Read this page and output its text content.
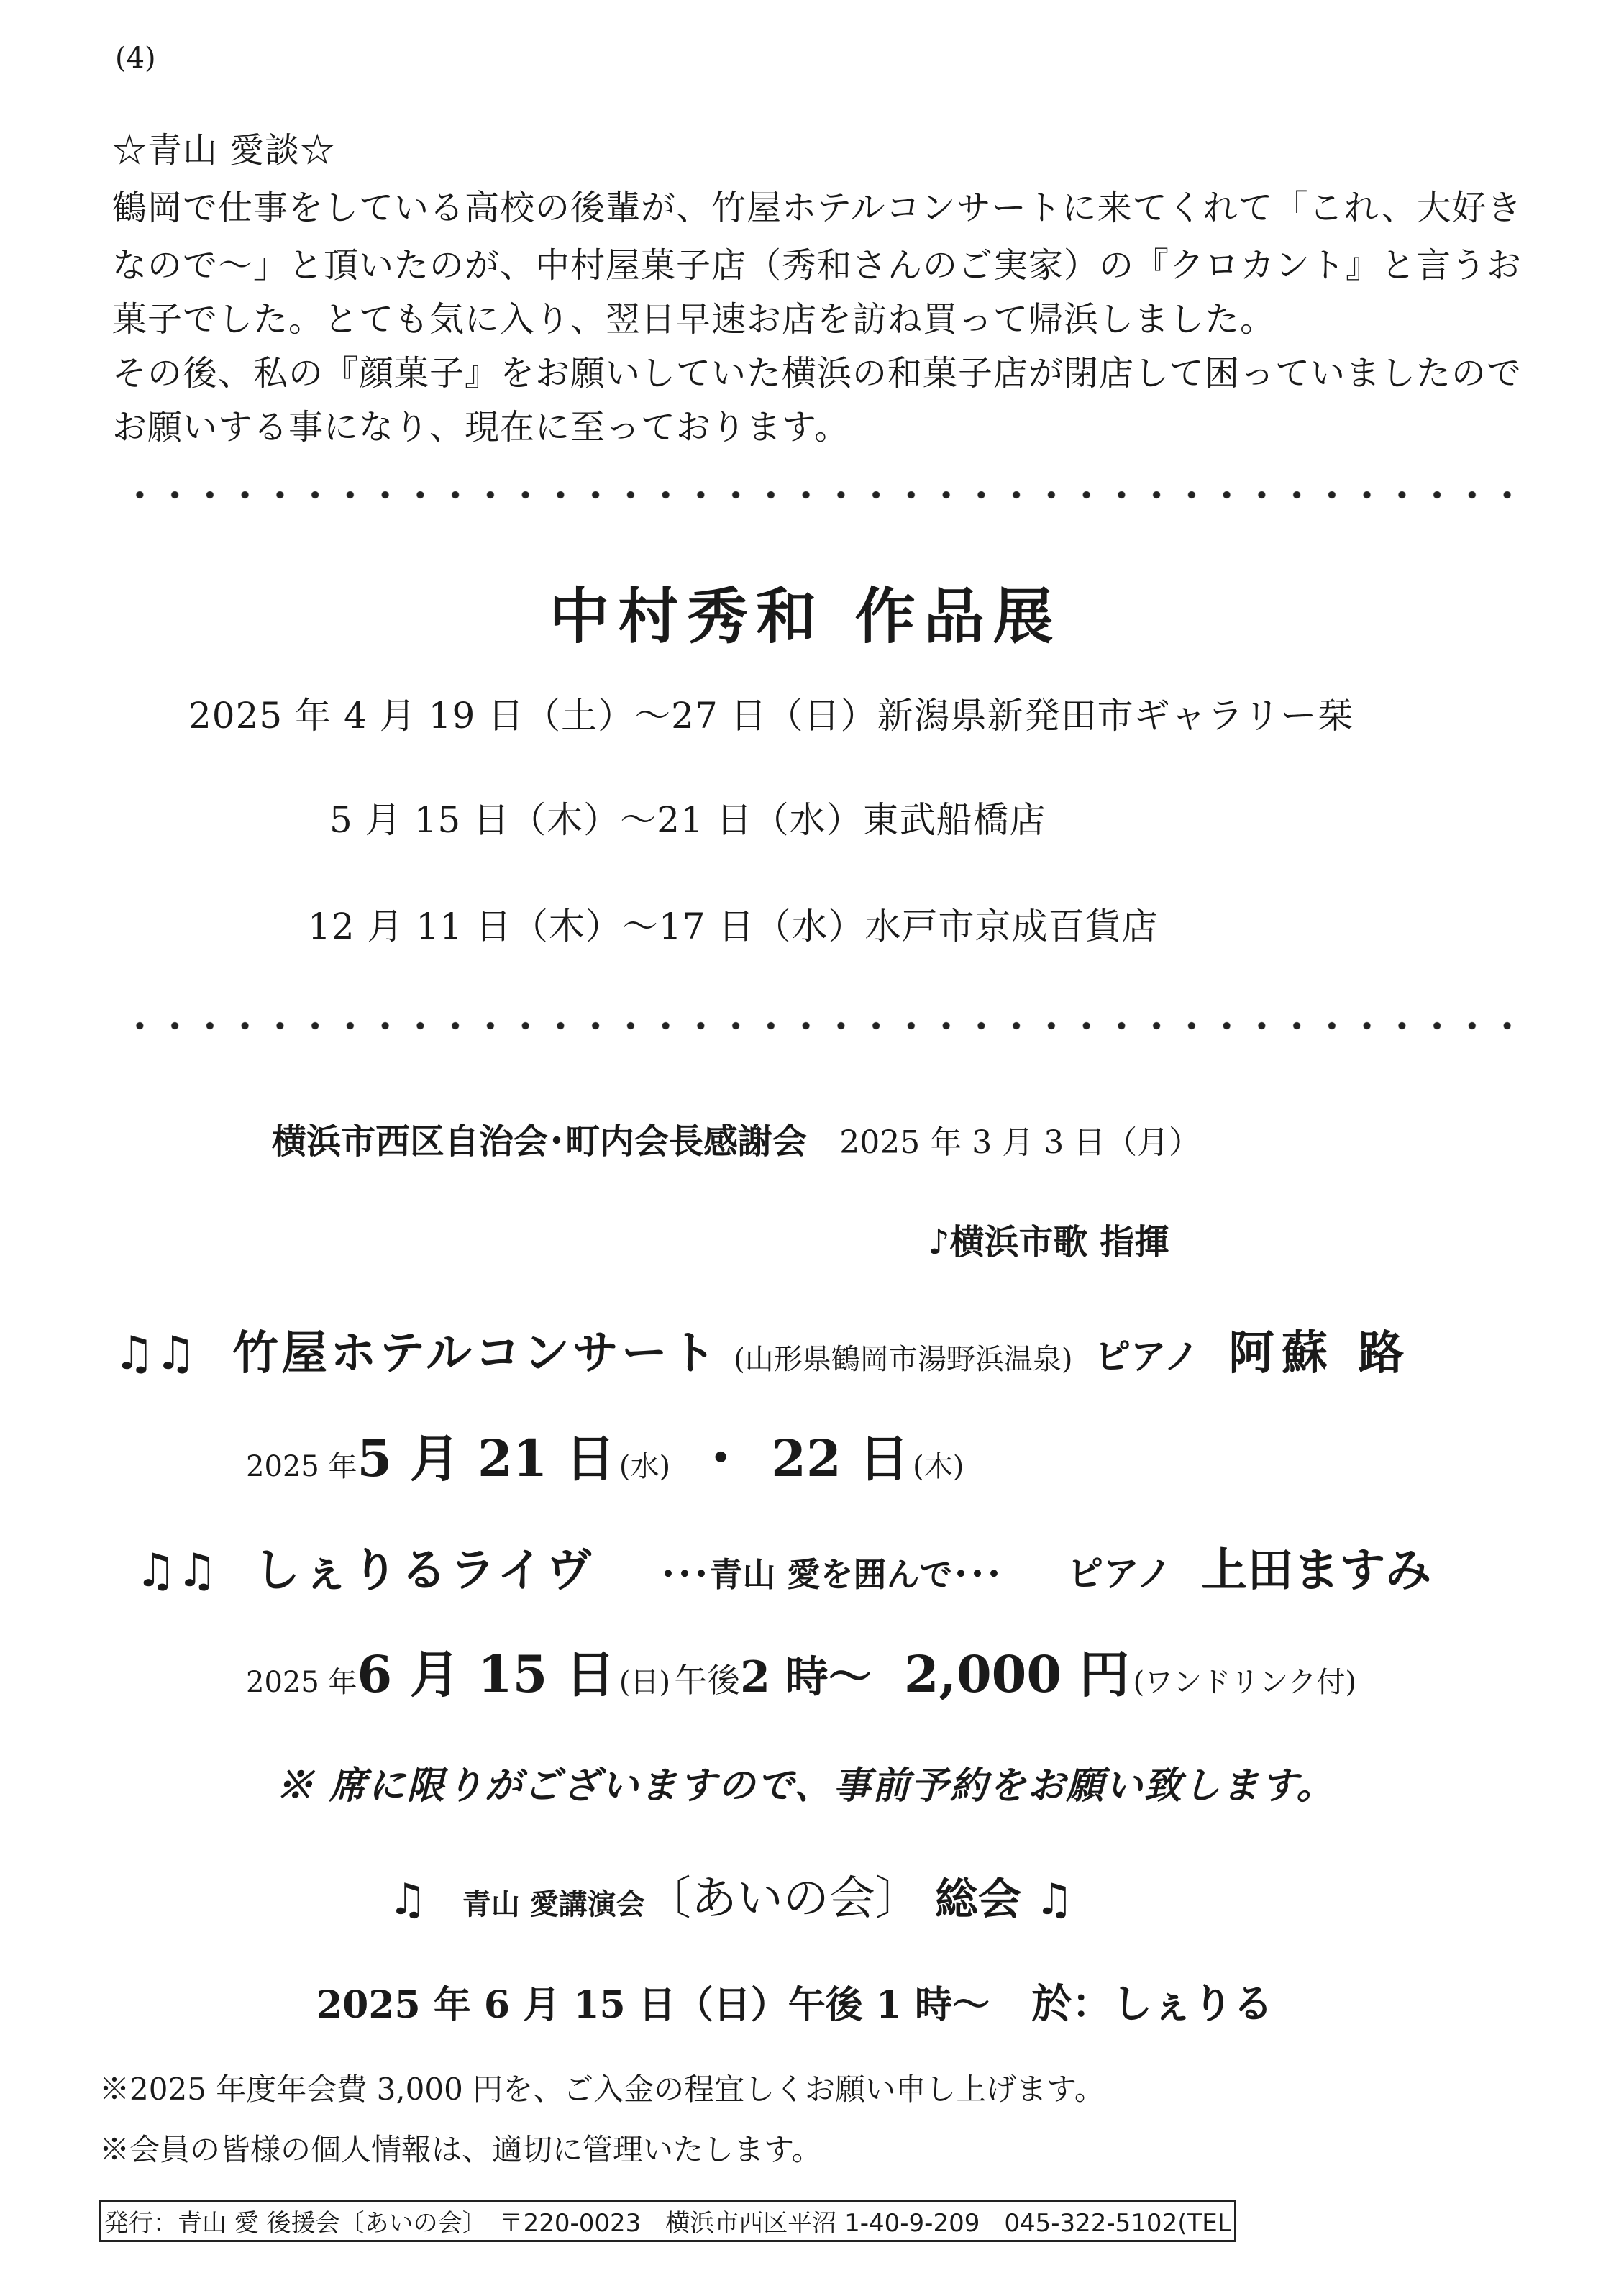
(4)
☆青山 愛談☆
鶴岡で仕事をしている高校の後輩が、竹屋ホテルコンサートに来てくれて「これ、大好き
なので〜」と頂いたのが、中村屋菓子店（秀和さんのご実家）の『クロカント』と言うお
菓子でした。とても気に入り、翌日早速お店を訪ね買って帰浜しました。
その後、私の『顔菓子』をお願いしていた横浜の和菓子店が閉店して困っていましたので
お願いする事になり、現在に至っております。
中村秀和 作品展
2025 年 4 月 19 日（土）〜27 日（日）新潟県新発田市ギャラリー栞
5 月 15 日（木）〜21 日（水）東武船橋店
12 月 11 日（木）〜17 日（水）水戸市京成百貨店
横浜市西区自治会･町内会長感謝会 2025 年 3 月 3 日（月）
♪横浜市歌 指揮
♫♫ 竹屋ホテルコンサート (山形県鶴岡市湯野浜温泉) ピアノ 阿蘇 路
2025 年5 月 21 日 (水) ・ 22 日 (木)
♫♫ しぇりるライヴ ･･･青山 愛を囲んで･･･ ピアノ 上田ますみ
2025 年6 月 15 日 (日) 午後2 時〜 2,000 円 (ワンドリンク付)
※ 席に限りがございますので、事前予約をお願い致します。
♫ 青山 愛講演会〔あいの会〕 総会 ♫
2025 年 6 月 15 日（日）午後 1 時〜 於：しぇりる
※2025 年度年会費 3,000 円を、ご入金の程宜しくお願い申し上げます。
※会員の皆様の個人情報は、適切に管理いたします。
発行：青山 愛 後援会〔あいの会〕　〒220-0023　横浜市西区平沼 1-40-9-209　045-322-5102(TEL
